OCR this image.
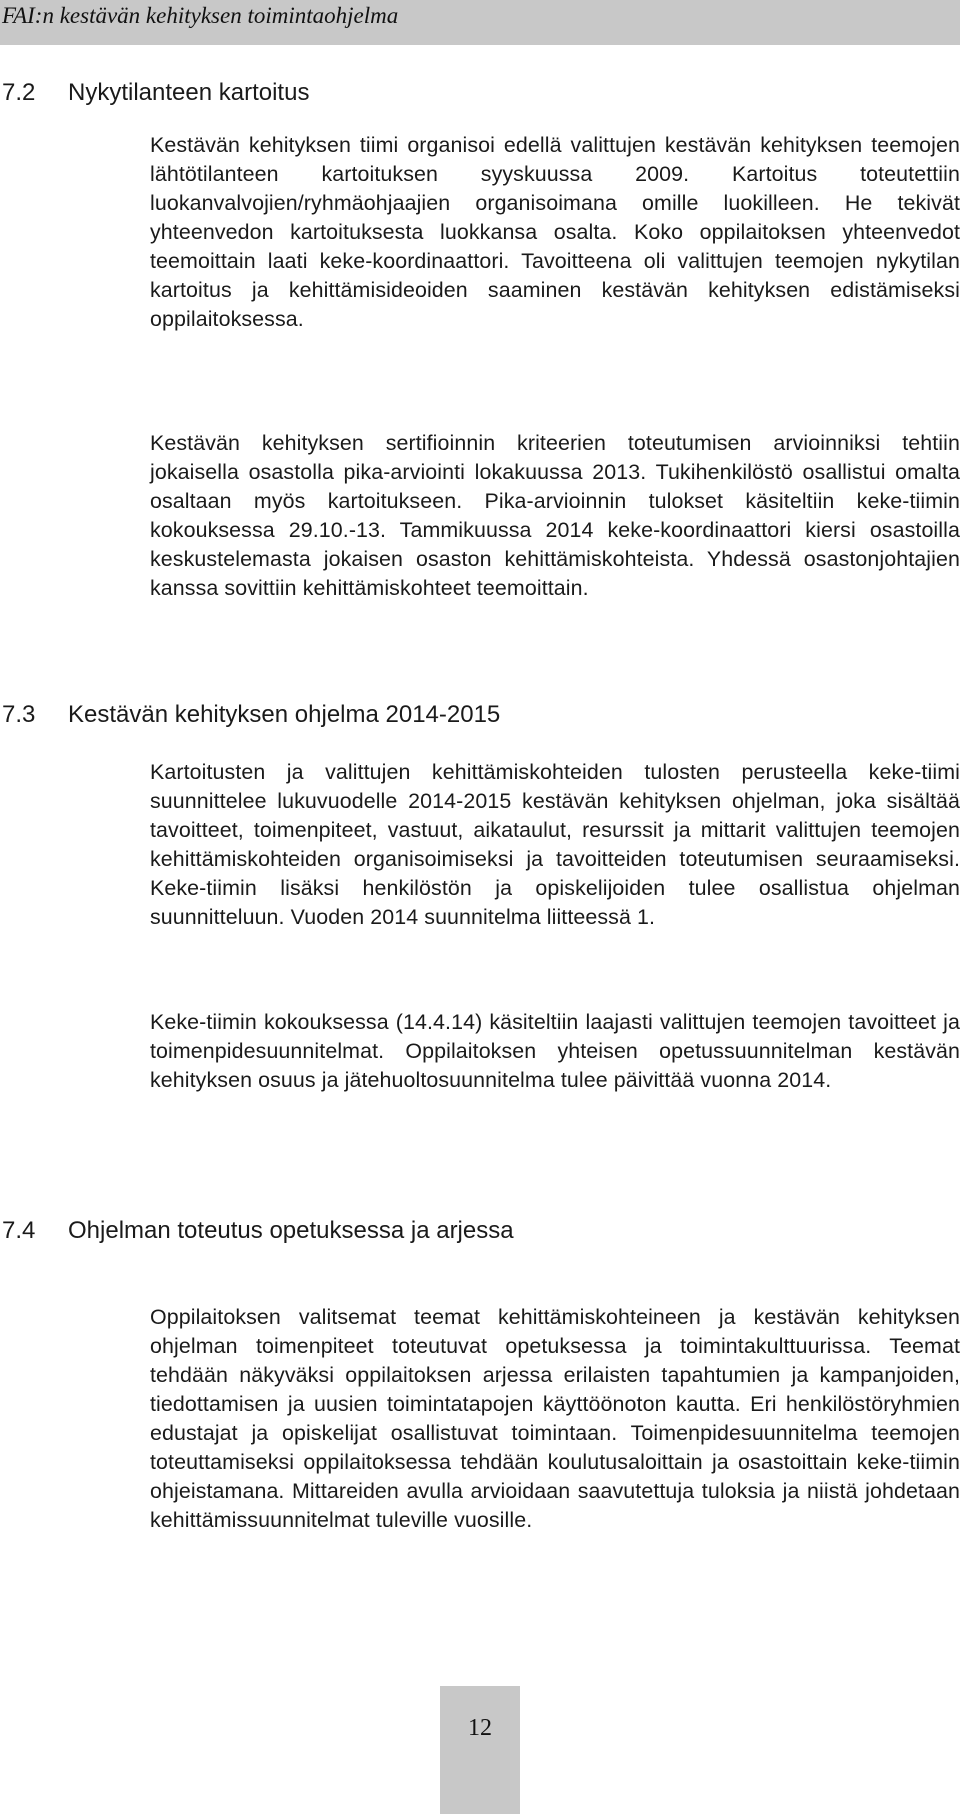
FAI:n kestävän kehityksen toimintaohjelma
7.2 Nykytilanteen kartoitus

Kestävän kehityksen tiimi organisoi edellä valittujen kestävän kehityksen teemojen lähtötilanteen kartoituksen syyskuussa 2009. Kartoitus toteutettiin luokanvalvojien/ryhmäohjaajien organisoimana omille luokilleen. He tekivät yhteenvedon kartoituksesta luokkansa osalta. Koko oppilaitoksen yhteenvedot teemoittain laati keke-koordinaattori. Tavoitteena oli valittujen teemojen nykytilan kartoitus ja kehittämisideoiden saaminen kestävän kehityksen edistämiseksi oppilaitoksessa.

Kestävän kehityksen sertifioinnin kriteerien toteutumisen arvioinniksi tehtiin jokaisella osastolla pika-arviointi lokakuussa 2013. Tukihenkilöstö osallistui omalta osaltaan myös kartoitukseen. Pika-arvioinnin tulokset käsiteltiin keke-tiimin kokouksessa 29.10.-13. Tammikuussa 2014 keke-koordinaattori kiersi osastoilla keskustelemasta jokaisen osaston kehittämiskohteista. Yhdessä osastonjohtajien kanssa sovittiin kehittämiskohteet teemoittain.

7.3 Kestävän kehityksen ohjelma 2014-2015

Kartoitusten ja valittujen kehittämiskohteiden tulosten perusteella keke-tiimi suunnittelee lukuvuodelle 2014-2015 kestävän kehityksen ohjelman, joka sisältää tavoitteet, toimenpiteet, vastuut, aikataulut, resurssit ja mittarit valittujen teemojen kehittämiskohteiden organisoimiseksi ja tavoitteiden toteutumisen seuraamiseksi. Keke-tiimin lisäksi henkilöstön ja opiskelijoiden tulee osallistua ohjelman suunnitteluun. Vuoden 2014 suunnitelma liitteessä 1.

Keke-tiimin kokouksessa (14.4.14) käsiteltiin laajasti valittujen teemojen tavoitteet ja toimenpidesuunnitelmat. Oppilaitoksen yhteisen opetussuunnitelman kestävän kehityksen osuus ja jätehuoltosuunnitelma tulee päivittää vuonna 2014.

7.4 Ohjelman toteutus opetuksessa ja arjessa

Oppilaitoksen valitsemat teemat kehittämiskohteineen ja kestävän kehityksen ohjelman toimenpiteet toteutuvat opetuksessa ja toimintakulttuurissa. Teemat tehdään näkyväksi oppilaitoksen arjessa erilaisten tapahtumien ja kampanjoiden, tiedottamisen ja uusien toimintatapojen käyttöönoton kautta. Eri henkilöstöryhmien edustajat ja opiskelijat osallistuvat toimintaan. Toimenpidesuunnitelma teemojen toteuttamiseksi oppilaitoksessa tehdään koulutusaloittain ja osastoittain keke-tiimin ohjeistamana. Mittareiden avulla arvioidaan saavutettuja tuloksia ja niistä johdetaan kehittämissuunnitelmat tuleville vuosille.

12
